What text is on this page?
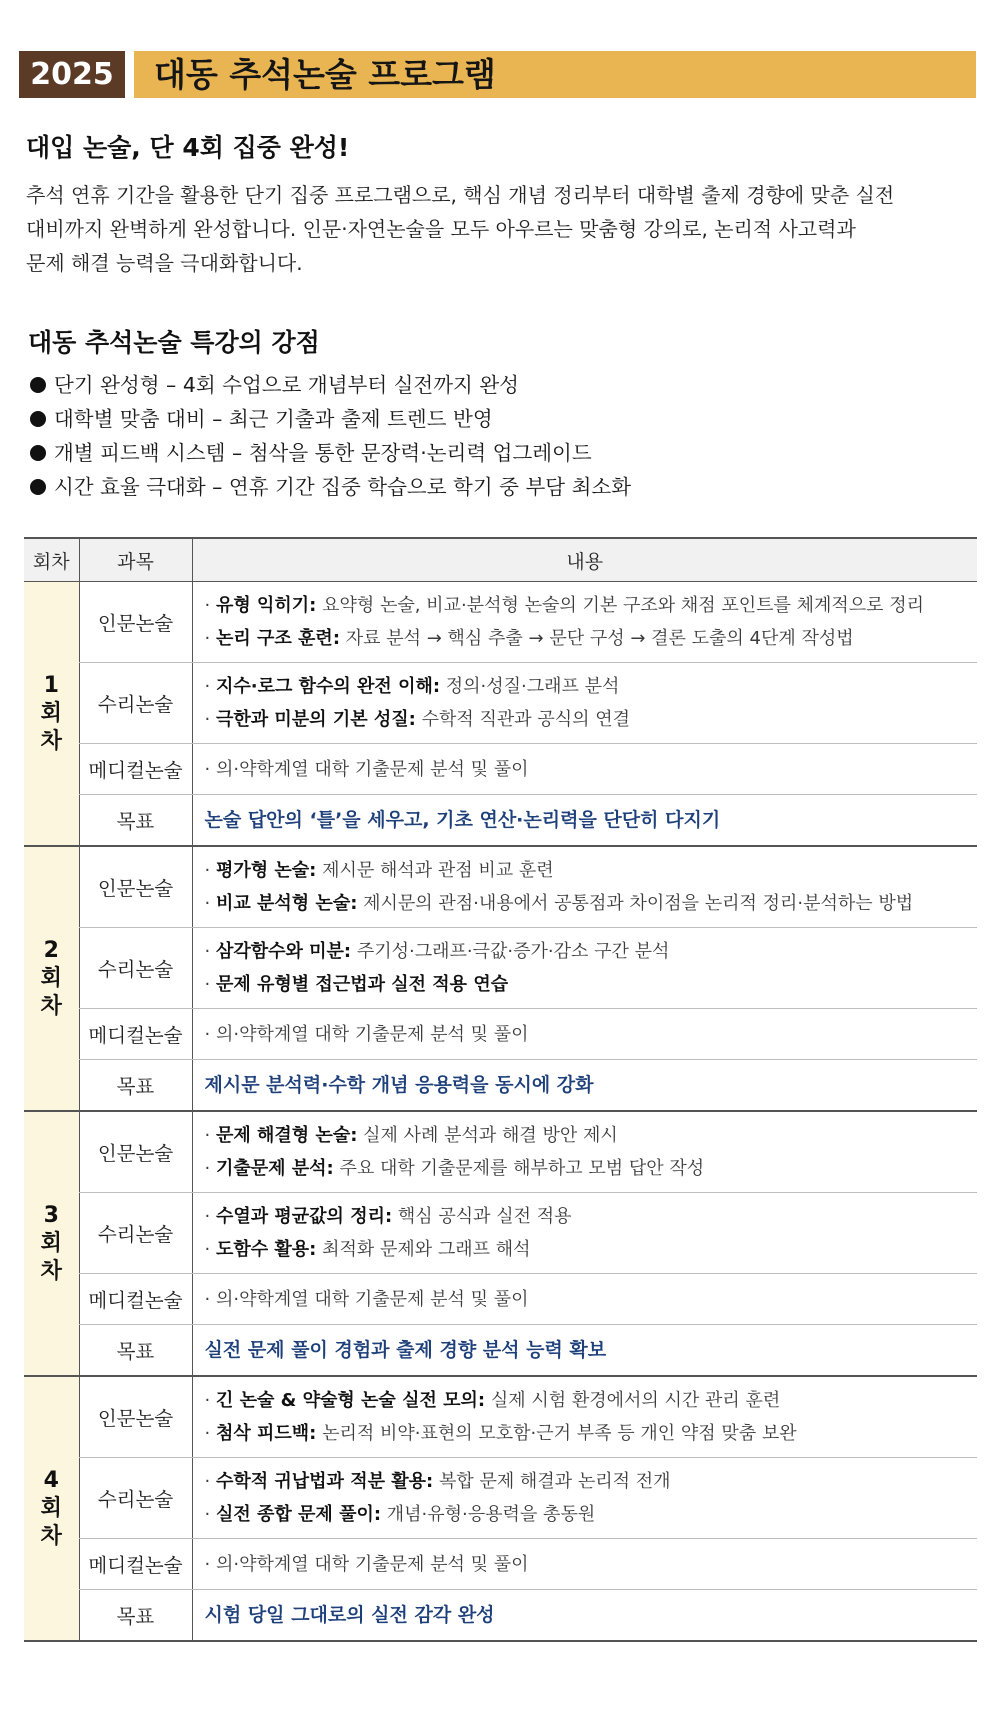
2025	대동 추석논술 프로그램
대입 논술, 단 4회 집중 완성!

추석 연휴 기간을 활용한 단기 집중 프로그램으로, 핵심 개념 정리부터 대학별 출제 경향에 맞춘 실전
대비까지 완벽하게 완성합니다. 인문·자연논술을 모두 아우르는 맞춤형 강의로, 논리적 사고력과
문제 해결 능력을 극대화합니다.

대동 추석논술 특강의 강점
단기 완성형 – 4회 수업으로 개념부터 실전까지 완성
대학별 맞춤 대비 – 최근 기출과 출제 트렌드 반영
개별 피드백 시스템 – 첨삭을 통한 문장력·논리력 업그레이드
시간 효율 극대화 – 연휴 기간 집중 학습으로 학기 중 부담 최소화
회차	과목	내용
1
회
차	인문논술	· 유형 익히기: 요약형 논술, 비교·분석형 논술의 기본 구조와 채점 포인트를 체계적으로 정리
· 논리 구조 훈련: 자료 분석 → 핵심 추출 → 문단 구성 → 결론 도출의 4단계 작성법
	수리논술	· 지수·로그 함수의 완전 이해: 정의·성질·그래프 분석
· 극한과 미분의 기본 성질: 수학적 직관과 공식의 연결
	메디컬논술	· 의·약학계열 대학 기출문제 분석 및 풀이
	목표	논술 답안의 ‘틀’을 세우고, 기초 연산·논리력을 단단히 다지기
2
회
차	인문논술	· 평가형 논술: 제시문 해석과 관점 비교 훈련
· 비교 분석형 논술: 제시문의 관점·내용에서 공통점과 차이점을 논리적 정리·분석하는 방법
	수리논술	· 삼각함수와 미분: 주기성·그래프·극값·증가·감소 구간 분석
· 문제 유형별 접근법과 실전 적용 연습
	메디컬논술	· 의·약학계열 대학 기출문제 분석 및 풀이
	목표	제시문 분석력·수학 개념 응용력을 동시에 강화
3
회
차	인문논술	· 문제 해결형 논술: 실제 사례 분석과 해결 방안 제시
· 기출문제 분석: 주요 대학 기출문제를 해부하고 모범 답안 작성
	수리논술	· 수열과 평균값의 정리: 핵심 공식과 실전 적용
· 도함수 활용: 최적화 문제와 그래프 해석
	메디컬논술	· 의·약학계열 대학 기출문제 분석 및 풀이
	목표	실전 문제 풀이 경험과 출제 경향 분석 능력 확보
4
회
차	인문논술	· 긴 논술 & 약술형 논술 실전 모의: 실제 시험 환경에서의 시간 관리 훈련
· 첨삭 피드백: 논리적 비약·표현의 모호함·근거 부족 등 개인 약점 맞춤 보완
	수리논술	· 수학적 귀납법과 적분 활용: 복합 문제 해결과 논리적 전개
· 실전 종합 문제 풀이: 개념·유형·응용력을 총동원
	메디컬논술	· 의·약학계열 대학 기출문제 분석 및 풀이
	목표	시험 당일 그대로의 실전 감각 완성
